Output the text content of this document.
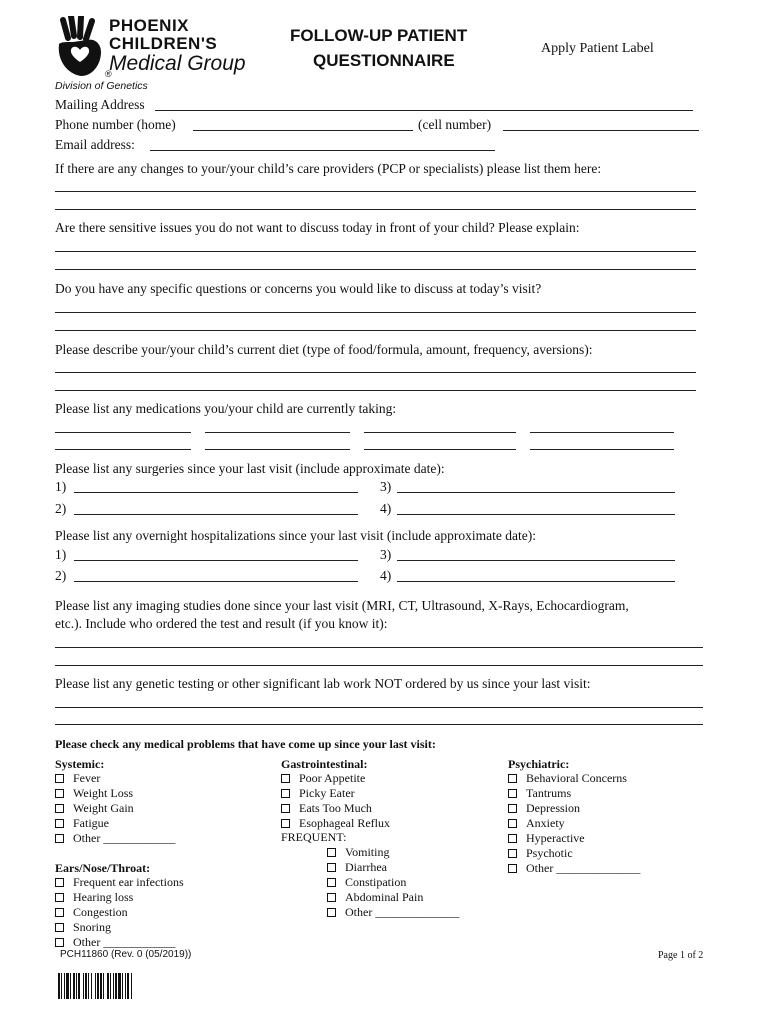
PHOENIX
CHILDREN'S
Medical Group
®
Division of Genetics
FOLLOW-UP PATIENT
QUESTIONNAIRE
Apply Patient Label
Mailing Address
Phone number (home)	(cell number)
Email address:
If there are any changes to your/your child’s care providers (PCP or specialists) please list them here:
Are there sensitive issues you do not want to discuss today in front of your child? Please explain:
Do you have any specific questions or concerns you would like to discuss at today’s visit?
Please describe your/your child’s current diet (type of food/formula, amount, frequency, aversions):
Please list any medications you/your child are currently taking:
Please list any surgeries since your last visit (include approximate date):
1)	3)
2)	4)
Please list any overnight hospitalizations since your last visit (include approximate date):
1)	3)
2)	4)
Please list any imaging studies done since your last visit (MRI, CT, Ultrasound, X-Rays, Echocardiogram,
etc.). Include who ordered the test and result (if you know it):
Please list any genetic testing or other significant lab work NOT ordered by us since your last visit:
Please check any medical problems that have come up since your last visit:
Systemic:
Fever
Weight Loss
Weight Gain
Fatigue
Other ____________
Ears/Nose/Throat:
Frequent ear infections
Hearing loss
Congestion
Snoring
Other ____________
Gastrointestinal:
Poor Appetite
Picky Eater
Eats Too Much
Esophageal Reflux
FREQUENT:
Vomiting
Diarrhea
Constipation
Abdominal Pain
Other ______________
Psychiatric:
Behavioral Concerns
Tantrums
Depression
Anxiety
Hyperactive
Psychotic
Other ______________
PCH11860 (Rev. 0 (05/2019))	Page 1 of 2
